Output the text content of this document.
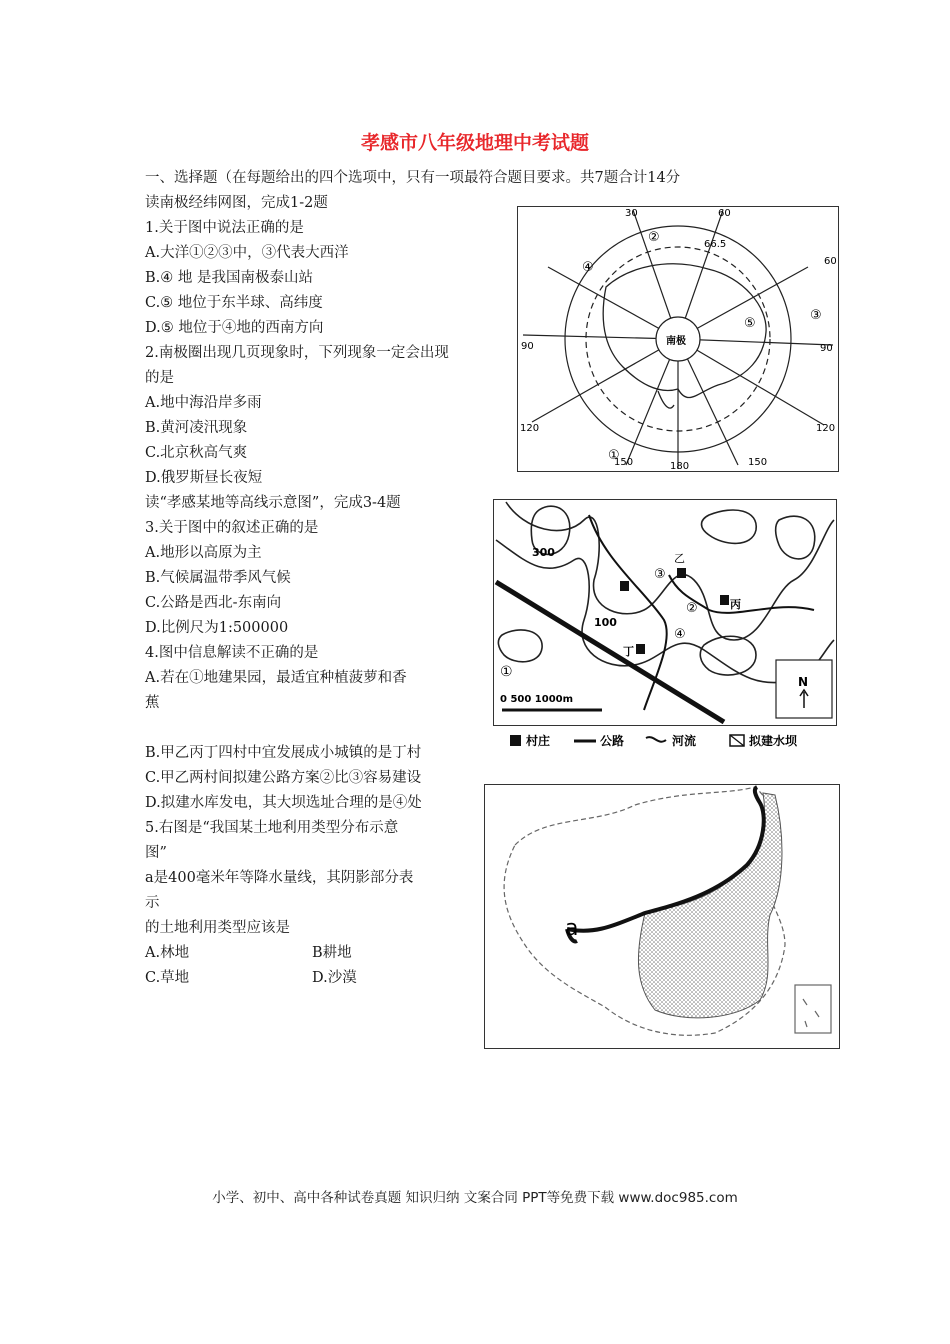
孝感市八年级地理中考试题
一、选择题（在每题给出的四个选项中，只有一项最符合题目要求。共7题合计14分
读南极经纬网图，完成1-2题
1.关于图中说法正确的是
A.大洋①②③中，③代表大西洋
B.④ 地 是我国南极泰山站
C.⑤ 地位于东半球、高纬度
D.⑤ 地位于④地的西南方向
2.南极圈出现几页现象时，下列现象一定会出现
的是
A.地中海沿岸多雨
B.黄河凌汛现象
C.北京秋高气爽
D.俄罗斯昼长夜短
读“孝感某地等高线示意图”，完成3-4题
3.关于图中的叙述正确的是
A.地形以高原为主
B.气候属温带季风气候
C.公路是西北-东南向
D.比例尺为1:500000
4.图中信息解读不正确的是
A.若在①地建果园，最适宜种植菠萝和香
蕉
B.甲乙丙丁四村中宜发展成小城镇的是丁村
C.甲乙两村间拟建公路方案②比③容易建设
D.拟建水库发电，其大坝选址合理的是④处
5.右图是“我国某土地利用类型分布示意
图”
a是400毫米年等降水量线，其阴影部分表
示
的土地利用类型应该是
A.林地	B耕地
C.草地	D.沙漠
30	60
60
90	90
120	120
150	150
180
66.5
南极
②
④
③
⑤
①
300
100
①
②
③
④
乙
丙
丁
0 500 1000m
N
村庄	公路	河流	拟建水坝
a
小学、初中、高中各种试卷真题 知识归纳 文案合同 PPT等免费下载 www.doc985.com
